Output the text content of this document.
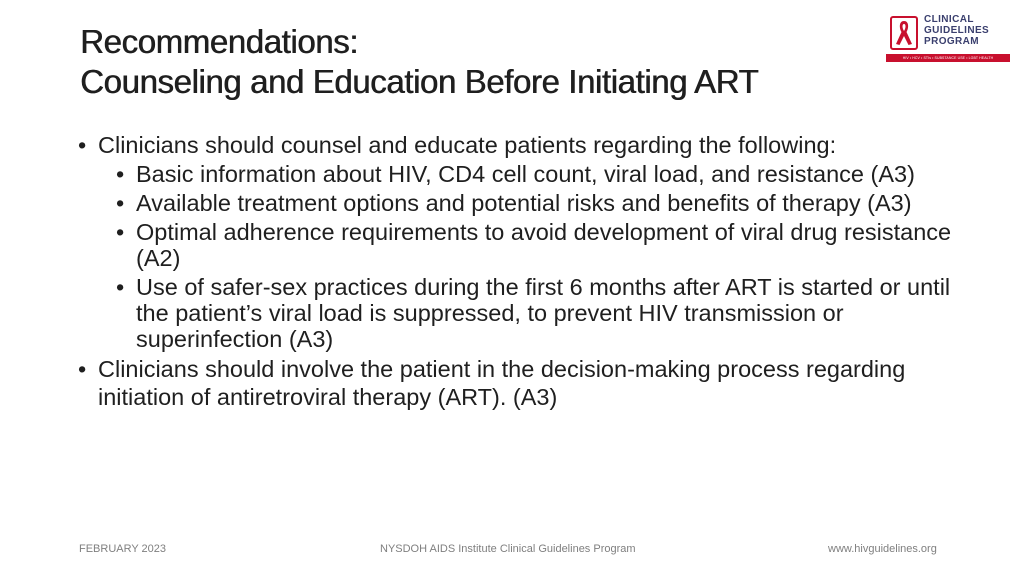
Recommendations:
Counseling and Education Before Initiating ART
CLINICAL
GUIDELINES
PROGRAM
HIV • HCV • STIs • SUBSTANCE USE • LGBT HEALTH
• Clinicians should counsel and educate patients regarding the following:
• Basic information about HIV, CD4 cell count, viral load, and resistance (A3)
• Available treatment options and potential risks and benefits of therapy (A3)
• Optimal adherence requirements to avoid development of viral drug resistance (A2)
• Use of safer-sex practices during the first 6 months after ART is started or until the patient’s viral load is suppressed, to prevent HIV transmission or superinfection (A3)
• Clinicians should involve the patient in the decision-making process regarding initiation of antiretroviral therapy (ART). (A3)
FEBRUARY 2023	NYSDOH AIDS Institute Clinical Guidelines Program	www.hivguidelines.org
